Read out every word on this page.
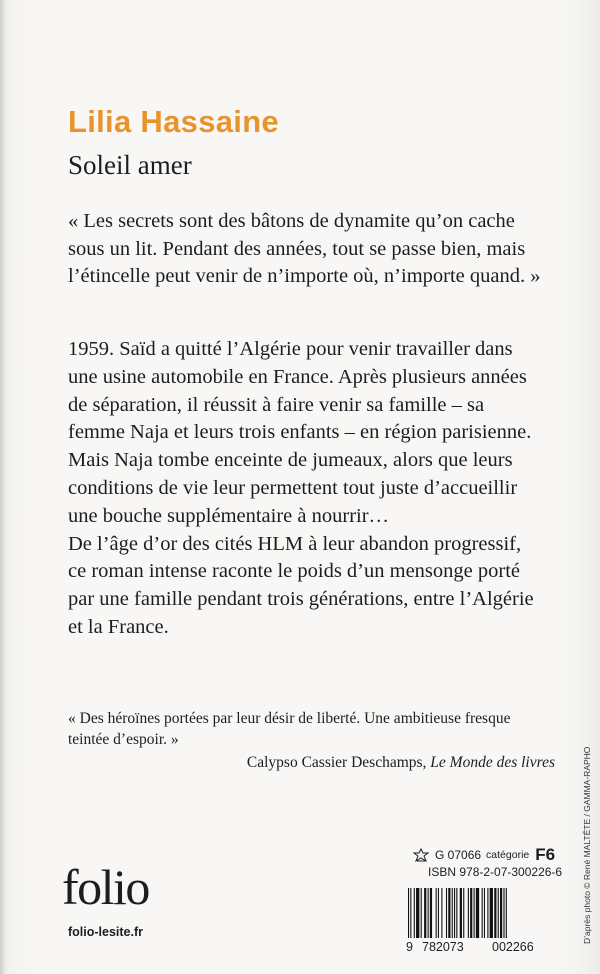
Lilia Hassaine
Soleil amer
« Les secrets sont des bâtons de dynamite qu’on cache
sous un lit. Pendant des années, tout se passe bien, mais
l’étincelle peut venir de n’importe où, n’importe quand. »
1959. Saïd a quitté l’Algérie pour venir travailler dans
une usine automobile en France. Après plusieurs années
de séparation, il réussit à faire venir sa famille – sa
femme Naja et leurs trois enfants – en région parisienne.
Mais Naja tombe enceinte de jumeaux, alors que leurs
conditions de vie leur permettent tout juste d’accueillir
une bouche supplémentaire à nourrir…
De l’âge d’or des cités HLM à leur abandon progressif,
ce roman intense raconte le poids d’un mensonge porté
par une famille pendant trois générations, entre l’Algérie
et la France.
« Des héroïnes portées par leur désir de liberté. Une ambitieuse fresque
teintée d’espoir. »
Calypso Cassier Deschamps, Le Monde des livres
G 07066 catégorie F6
ISBN 978-2-07-300226-6
9 782073	002266
folio
folio-lesite.fr	D’après photo © René MALTÊTE / GAMMA-RAPHO
